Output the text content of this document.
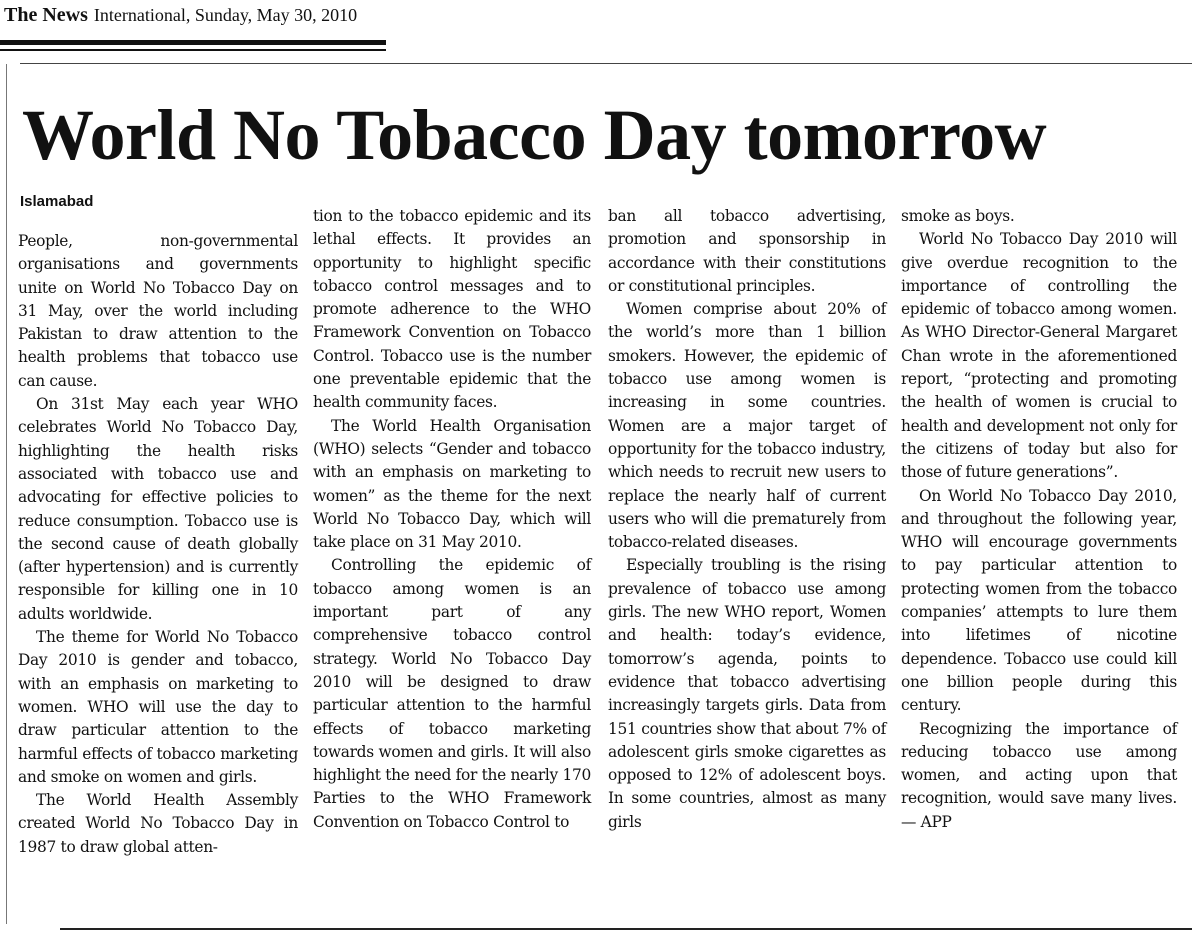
The News International, Sunday, May 30, 2010
World No Tobacco Day tomorrow
Islamabad

People, non-governmental organisations and governments unite on World No Tobacco Day on 31 May, over the world including Pakistan to draw attention to the health problems that tobacco use can cause.

On 31st May each year WHO celebrates World No Tobacco Day, highlighting the health risks associated with tobacco use and advocating for effective policies to reduce consumption. Tobacco use is the second cause of death globally (after hypertension) and is currently responsible for killing one in 10 adults worldwide.

The theme for World No Tobacco Day 2010 is gender and tobacco, with an emphasis on marketing to women. WHO will use the day to draw particular attention to the harmful effects of tobacco marketing and smoke on women and girls.

The World Health Assembly created World No Tobacco Day in 1987 to draw global atten-

tion to the tobacco epidemic and its lethal effects. It provides an opportunity to highlight specific tobacco control messages and to promote adherence to the WHO Framework Convention on Tobacco Control. Tobacco use is the number one preventable epidemic that the health community faces.

The World Health Organisation (WHO) selects “Gender and tobacco with an emphasis on marketing to women” as the theme for the next World No Tobacco Day, which will take place on 31 May 2010.

Controlling the epidemic of tobacco among women is an important part of any comprehensive tobacco control strategy. World No Tobacco Day 2010 will be designed to draw particular attention to the harmful effects of tobacco marketing towards women and girls. It will also highlight the need for the nearly 170 Parties to the WHO Framework Convention on Tobacco Control to

ban all tobacco advertising, promotion and sponsorship in accordance with their constitutions or constitutional principles.

Women comprise about 20% of the world’s more than 1 billion smokers. However, the epidemic of tobacco use among women is increasing in some countries. Women are a major target of opportunity for the tobacco industry, which needs to recruit new users to replace the nearly half of current users who will die prematurely from tobacco-related diseases.

Especially troubling is the rising prevalence of tobacco use among girls. The new WHO report, Women and health: today’s evidence, tomorrow’s agenda, points to evidence that tobacco advertising increasingly targets girls. Data from 151 countries show that about 7% of adolescent girls smoke cigarettes as opposed to 12% of adolescent boys. In some countries, almost as many girls

smoke as boys.

World No Tobacco Day 2010 will give overdue recognition to the importance of controlling the epidemic of tobacco among women. As WHO Director-General Margaret Chan wrote in the aforementioned report, “protecting and promoting the health of women is crucial to health and development not only for the citizens of today but also for those of future generations”.

On World No Tobacco Day 2010, and throughout the following year, WHO will encourage governments to pay particular attention to protecting women from the tobacco companies’ attempts to lure them into lifetimes of nicotine dependence. Tobacco use could kill one billion people during this century.

Recognizing the importance of reducing tobacco use among women, and acting upon that recognition, would save many lives. — APP
